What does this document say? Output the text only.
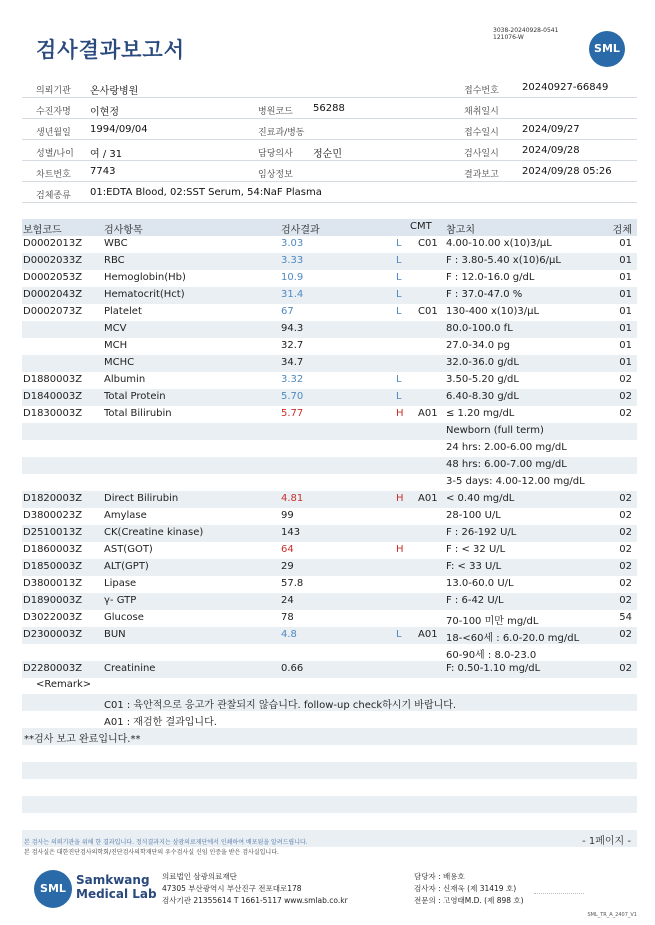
검사결과보고서
3038-20240928-0541
121076-W
SML
의뢰기관 온사랑병원	접수번호 20240927-66849
수진자명 이현정	병원코드 56288	채취일시
생년월일 1994/09/04	진료과/병동	접수일시 2024/09/27
성별/나이 여 / 31	담당의사 정순민	검사일시 2024/09/28
차트번호 7743	임상정보	결과보고 2024/09/28 05:26
검체종류 01:EDTA Blood, 02:SST Serum, 54:NaF Plasma
보험코드	검사항목	검사결과	CMT 참고치	검체
D0002013Z WBC	3.03	L C01 4.00-10.00 x(10)3/μL	01
D0002033Z RBC	3.33	L	F : 3.80-5.40 x(10)6/μL	01
D0002053Z Hemoglobin(Hb)	10.9	L	F : 12.0-16.0 g/dL	01
D0002043Z Hematocrit(Hct)	31.4	L	F : 37.0-47.0 %	01
D0002073Z Platelet	67	L C01 130-400 x(10)3/μL	01
MCV	94.3	80.0-100.0 fL	01
MCH	32.7	27.0-34.0 pg	01
MCHC	34.7	32.0-36.0 g/dL	01
D1880003Z Albumin	3.32	L	3.50-5.20 g/dL	02
D1840003Z Total Protein	5.70	L	6.40-8.30 g/dL	02
D1830003Z Total Bilirubin	5.77	H A01 ≤ 1.20 mg/dL	02
Newborn (full term)
24 hrs: 2.00-6.00 mg/dL
48 hrs: 6.00-7.00 mg/dL
3-5 days: 4.00-12.00 mg/dL
D1820003Z Direct Bilirubin	4.81	H A01 < 0.40 mg/dL	02
D3800023Z Amylase	99	28-100 U/L	02
D2510013Z CK(Creatine kinase)	143	F : 26-192 U/L	02
D1860003Z AST(GOT)	64	H	F : < 32 U/L	02
D1850003Z ALT(GPT)	29	F: < 33 U/L	02
D3800013Z Lipase	57.8	13.0-60.0 U/L	02
D1890003Z γ- GTP	24	F : 6-42 U/L	02
D3022003Z Glucose	78	70-100 미만 mg/dL	54
D2300003Z BUN	4.8	L A01 18-<60세 : 6.0-20.0 mg/dL	02
60-90세 : 8.0-23.0
D2280003Z Creatinine	0.66	F: 0.50-1.10 mg/dL	02
<Remark>
C01 : 육안적으로 응고가 관찰되지 않습니다. follow-up check하시기 바랍니다.
A01 : 재검한 결과입니다.
**검사 보고 완료입니다.**
- 1페이지 -
본 검사는 의뢰기관을 위해 한 결과입니다. 정식결과지는 삼광의료재단에서 인쇄하여 배포됨을 알려드립니다.
본 검사실은 대한진단검사의학회/진단검사의학재단의 우수검사실 신임 인증을 받은 검사실입니다.
SML
Samkwang
Medical Lab
의료법인 삼광의료재단
47305 부산광역시 부산진구 전포대로178
검사기관 21355614 T 1661-5117 www.smlab.co.kr
담당자 : 배용호
검사자 : 신재욱 (제 31419 호)
전문의 : 고영태M.D. (제 898 호)
SML_TR_A_2407_V1
